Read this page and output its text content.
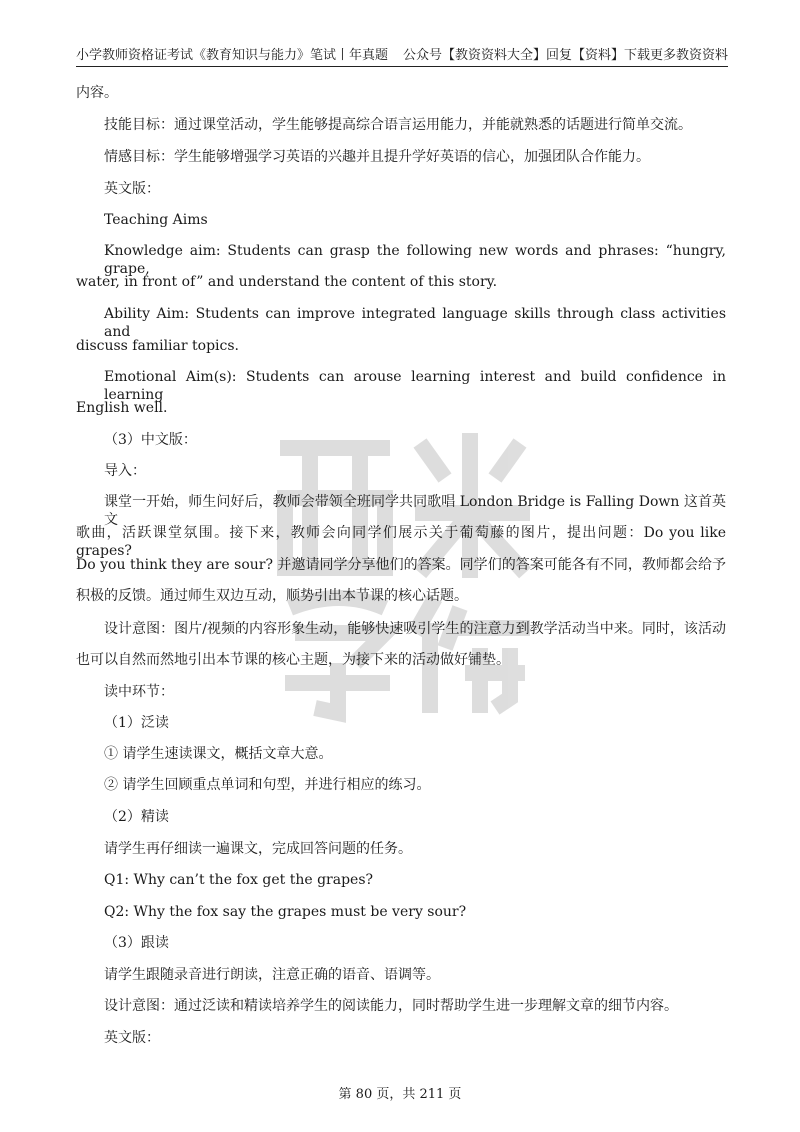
小学教师资格证考试《教育知识与能力》笔试丨年真题 公众号【教资资料大全】回复【资料】下载更多教资资料
内容。
技能目标：通过课堂活动，学生能够提高综合语言运用能力，并能就熟悉的话题进行简单交流。
情感目标：学生能够增强学习英语的兴趣并且提升学好英语的信心，加强团队合作能力。
英文版：
Teaching Aims
Knowledge aim: Students can grasp the following new words and phrases: “hungry, grape,
water, in front of” and understand the content of this story.
Ability Aim: Students can improve integrated language skills through class activities and
discuss familiar topics.
Emotional Aim(s): Students can arouse learning interest and build confidence in learning
English well.
（3）中文版：
导入：
课堂一开始，师生问好后，教师会带领全班同学共同歌唱 London Bridge is Falling Down 这首英文
歌曲，活跃课堂氛围。接下来，教师会向同学们展示关于葡萄藤的图片，提出问题：Do you like grapes?
Do you think they are sour? 并邀请同学分享他们的答案。同学们的答案可能各有不同，教师都会给予
积极的反馈。通过师生双边互动，顺势引出本节课的核心话题。
设计意图：图片/视频的内容形象生动，能够快速吸引学生的注意力到教学活动当中来。同时，该活动
也可以自然而然地引出本节课的核心主题，为接下来的活动做好铺垫。
读中环节：
（1）泛读
① 请学生速读课文，概括文章大意。
② 请学生回顾重点单词和句型，并进行相应的练习。
（2）精读
请学生再仔细读一遍课文，完成回答问题的任务。
Q1: Why can’t the fox get the grapes?
Q2: Why the fox say the grapes must be very sour?
（3）跟读
请学生跟随录音进行朗读，注意正确的语音、语调等。
设计意图：通过泛读和精读培养学生的阅读能力，同时帮助学生进一步理解文章的细节内容。
英文版：
第 80 页，共 211 页
